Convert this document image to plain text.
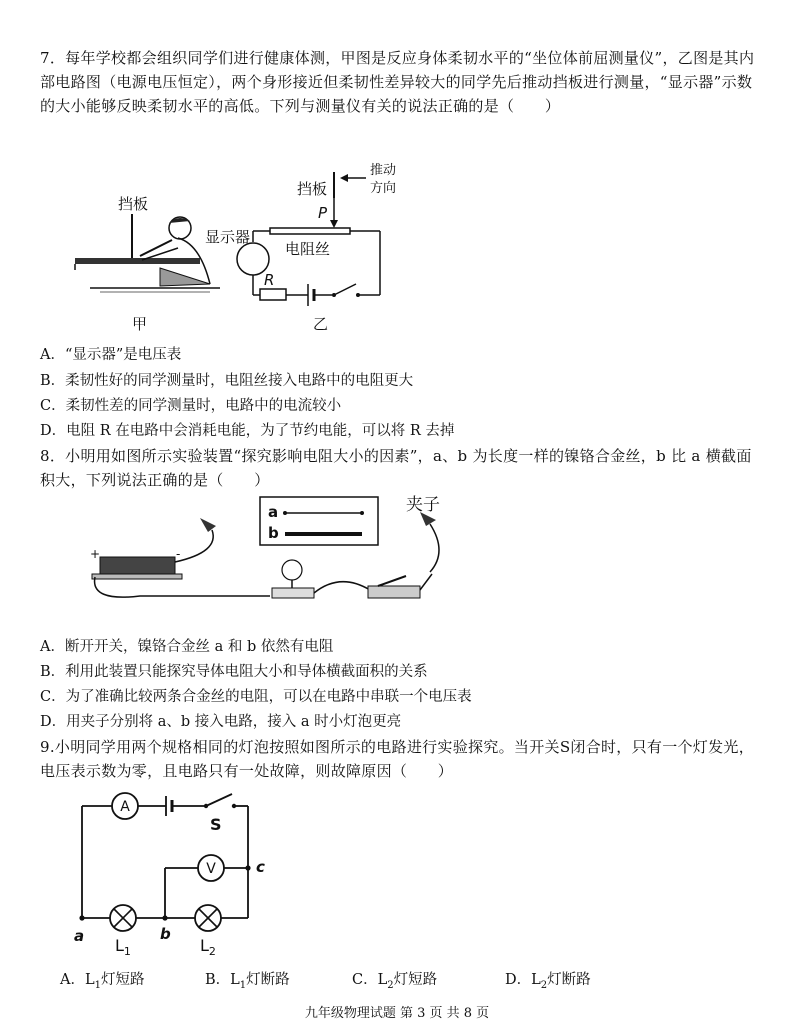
7．每年学校都会组织同学们进行健康体测，甲图是反应身体柔韧水平的“坐位体前屈测量仪”，乙图是其内部电路图（电源电压恒定），两个身形接近但柔韧性差异较大的同学先后推动挡板进行测量，“显示器”示数的大小能够反映柔韧水平的高低。下列与测量仪有关的说法正确的是（　　）
挡板
甲
挡板
推动
方向
P
显示器
电阻丝
R
乙
A．“显示器”是电压表
B．柔韧性好的同学测量时，电阻丝接入电路中的电阻更大
C．柔韧性差的同学测量时，电路中的电流较小
D．电阻 R 在电路中会消耗电能，为了节约电能，可以将 R 去掉
8．小明用如图所示实验装置“探究影响电阻大小的因素”，a、b 为长度一样的镍铬合金丝，b 比 a 横截面积大，下列说法正确的是（　　）
a
b
夹子
+	-
A．断开开关，镍铬合金丝 a 和 b 依然有电阻
B．利用此装置只能探究导体电阻大小和导体横截面积的关系
C．为了准确比较两条合金丝的电阻，可以在电路中串联一个电压表
D．用夹子分别将 a、b 接入电路，接入 a 时小灯泡更亮
9.小明同学用两个规格相同的灯泡按照如图所示的电路进行实验探究。当开关S闭合时，只有一个灯发光，电压表示数为零，且电路只有一处故障，则故障原因（　　）
A
S
V	c
a	b
$L_1$	$L_2$
A．$L_1$灯短路	B．$L_1$灯断路	C．$L_2$灯短路	D．$L_2$灯断路
九年级物理试题 第 3 页 共 8 页
